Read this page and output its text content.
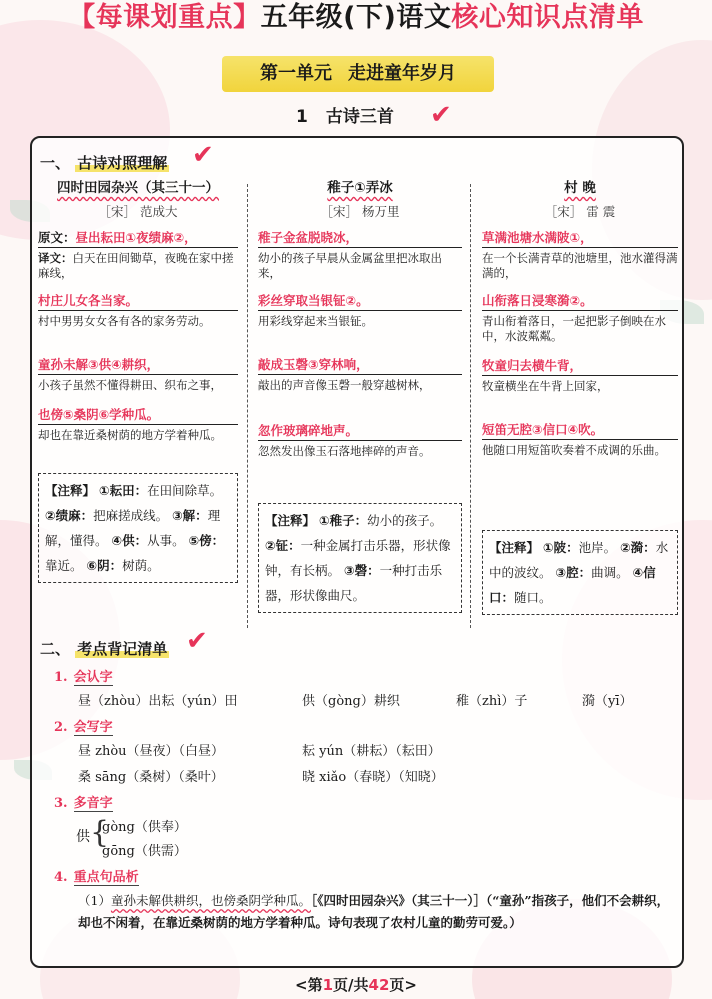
【每课划重点】五年级(下)语文核心知识点清单
第一单元 走进童年岁月
1 古诗三首 ✔
一、 古诗对照理解 ✔
四时田园杂兴（其三十一）
［宋］ 范成大
原文：昼出耘田①夜绩麻②，
译文：白天在田间锄草，夜晚在家中搓麻线，
村庄儿女各当家。
村中男男女女各有各的家务劳动。
童孙未解③供④耕织，
小孩子虽然不懂得耕田、织布之事，
也傍⑤桑阴⑥学种瓜。
却也在靠近桑树荫的地方学着种瓜。
【注释】 ①耘田：在田间除草。 ②绩麻：把麻搓成线。 ③解：理解，懂得。 ④供：从事。 ⑤傍：靠近。 ⑥阴：树荫。
稚子①弄冰
［宋］ 杨万里
稚子金盆脱晓冰，
幼小的孩子早晨从金属盆里把冰取出来，
彩丝穿取当银钲②。
用彩线穿起来当银钲。
敲成玉磬③穿林响，
敲出的声音像玉磬一般穿越树林，
忽作玻璃碎地声。
忽然发出像玉石落地摔碎的声音。
【注释】 ①稚子：幼小的孩子。 ②钲：一种金属打击乐器，形状像钟，有长柄。 ③磬：一种打击乐器，形状像曲尺。
村 晚
［宋］ 雷 震
草满池塘水满陂①，
在一个长满青草的池塘里，池水灌得满满的，
山衔落日浸寒漪②。
青山衔着落日，一起把影子倒映在水中，水波粼粼。
牧童归去横牛背，
牧童横坐在牛背上回家，
短笛无腔③信口④吹。
他随口用短笛吹奏着不成调的乐曲。
【注释】 ①陂：池岸。 ②漪：水中的波纹。 ③腔：曲调。 ④信口：随口。
二、 考点背记清单 ✔
1. 会认字
昼（zhòu）出耘（yún）田	供（gòng）耕织	稚（zhì）子	漪（yī）
2. 会写字
昼 zhòu（昼夜）（白昼）	耘 yún（耕耘）（耘田）
桑 sāng（桑树）（桑叶）	晓 xiǎo（春晓）（知晓）
3. 多音字
供 {
gòng（供奉）
gōng（供需）
4. 重点句品析
（1）童孙未解供耕织，也傍桑阴学种瓜。［《四时田园杂兴》（其三十一）］（“童孙”指孩子，他们不会耕织，却也不闲着，在靠近桑树荫的地方学着种瓜。诗句表现了农村儿童的勤劳可爱。）
<第1页/共42页>
